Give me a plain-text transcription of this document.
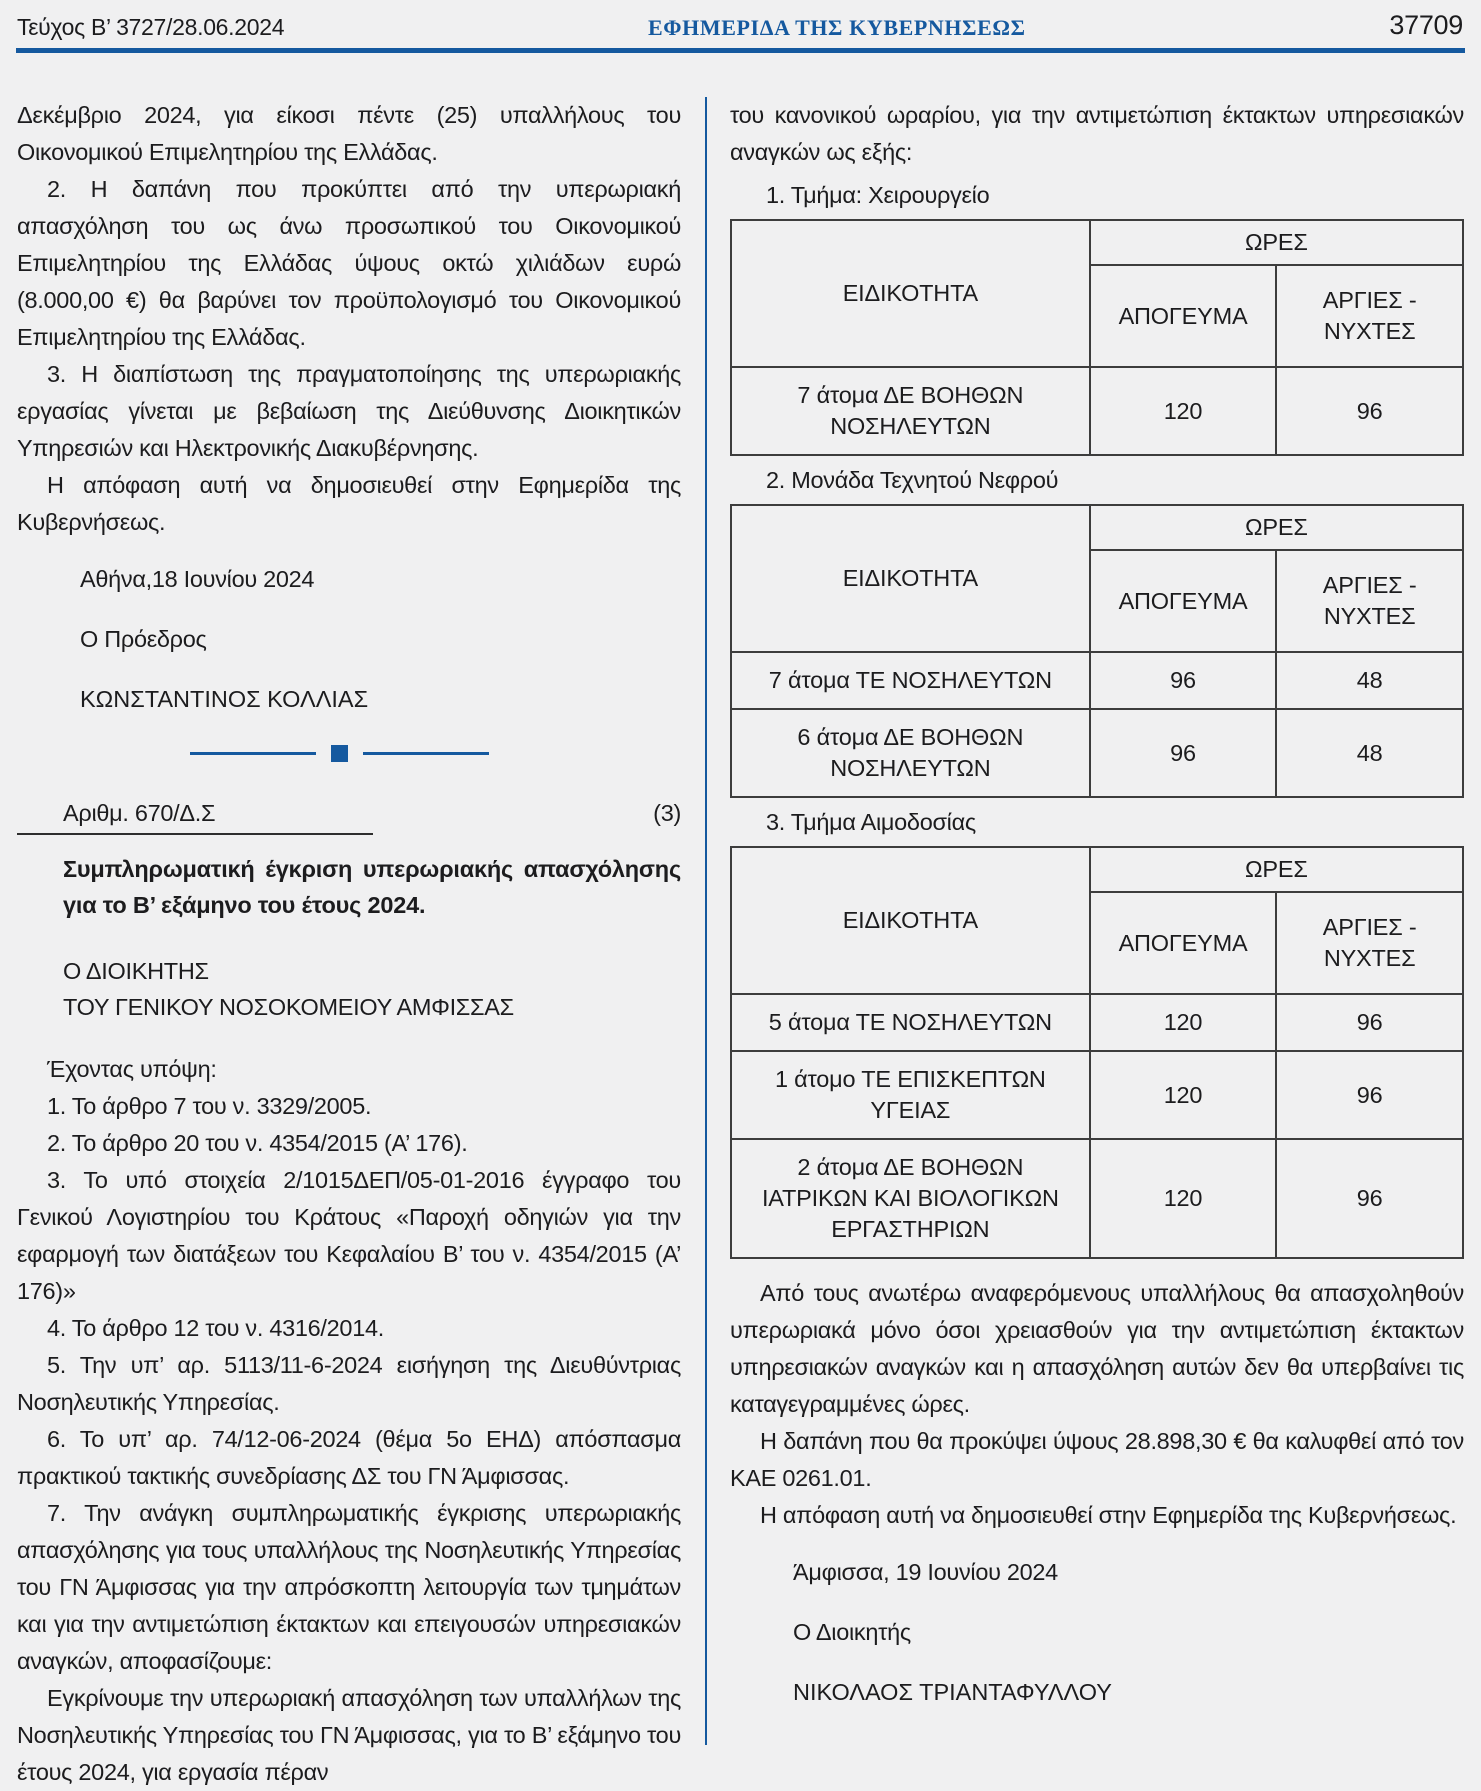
Τεύχος Β’ 3727/28.06.2024	ΕΦΗΜΕΡΙΔΑ ΤΗΣ ΚΥΒΕΡΝΗΣΕΩΣ	37709

Δεκέμβριο 2024, για είκοσι πέντε (25) υπαλλήλους του Οικονομικού Επιμελητηρίου της Ελλάδας.

2. Η δαπάνη που προκύπτει από την υπερωριακή απασχόληση του ως άνω προσωπικού του Οικονομικού Επιμελητηρίου της Ελλάδας ύψους οκτώ χιλιάδων ευρώ (8.000,00 €) θα βαρύνει τον προϋπολογισμό του Οικονομικού Επιμελητηρίου της Ελλάδας.

3. Η διαπίστωση της πραγματοποίησης της υπερωριακής εργασίας γίνεται με βεβαίωση της Διεύθυνσης Διοικητικών Υπηρεσιών και Ηλεκτρονικής Διακυβέρνησης.

Η απόφαση αυτή να δημοσιευθεί στην Εφημερίδα της Κυβερνήσεως.

Αθήνα,18 Ιουνίου 2024
Ο Πρόεδρος
ΚΩΝΣΤΑΝΤΙΝΟΣ ΚΟΛΛΙΑΣ
Αριθμ. 670/Δ.Σ	(3)
Συμπληρωματική έγκριση υπερωριακής απασχόλησης για το Β’ εξάμηνο του έτους 2024.
Ο ΔΙΟΙΚΗΤΗΣ
ΤΟΥ ΓΕΝΙΚΟΥ ΝΟΣΟΚΟΜΕΙΟΥ ΑΜΦΙΣΣΑΣ

Έχοντας υπόψη:

1. Το άρθρο 7 του ν. 3329/2005.

2. Το άρθρο 20 του ν. 4354/2015 (Α’ 176).

3. Το υπό στοιχεία 2/1015ΔΕΠ/05-01-2016 έγγραφο του Γενικού Λογιστηρίου του Κράτους «Παροχή οδηγιών για την εφαρμογή των διατάξεων του Κεφαλαίου Β’ του ν. 4354/2015 (Α’ 176)»

4. Το άρθρο 12 του ν. 4316/2014.

5. Την υπ’ αρ. 5113/11-6-2024 εισήγηση της Διευθύντριας Νοσηλευτικής Υπηρεσίας.

6. Το υπ’ αρ. 74/12-06-2024 (θέμα 5ο ΕΗΔ) απόσπασμα πρακτικού τακτικής συνεδρίασης ΔΣ του ΓΝ Άμφισσας.

7. Την ανάγκη συμπληρωματικής έγκρισης υπερωριακής απασχόλησης για τους υπαλλήλους της Νοσηλευτικής Υπηρεσίας του ΓΝ Άμφισσας για την απρόσκοπτη λειτουργία των τμημάτων και για την αντιμετώπιση έκτακτων και επειγουσών υπηρεσιακών αναγκών, αποφασίζουμε:

Εγκρίνουμε την υπερωριακή απασχόληση των υπαλλήλων της Νοσηλευτικής Υπηρεσίας του ΓΝ Άμφισσας, για το Β’ εξάμηνο του έτους 2024, για εργασία πέραν

του κανονικού ωραρίου, για την αντιμετώπιση έκτακτων υπηρεσιακών αναγκών ως εξής:

1. Τμήμα: Χειρουργείο
ΕΙΔΙΚΟΤΗΤΑ	ΩΡΕΣ	
	ΑΠΟΓΕΥΜΑ	ΑΡΓΙΕΣ - ΝΥΧΤΕΣ
7 άτομα ΔΕ ΒΟΗΘΩΝ ΝΟΣΗΛΕΥΤΩΝ	120	96
2. Μονάδα Τεχνητού Νεφρού
ΕΙΔΙΚΟΤΗΤΑ	ΩΡΕΣ	
	ΑΠΟΓΕΥΜΑ	ΑΡΓΙΕΣ - ΝΥΧΤΕΣ
7 άτομα ΤΕ ΝΟΣΗΛΕΥΤΩΝ	96	48
6 άτομα ΔΕ ΒΟΗΘΩΝ ΝΟΣΗΛΕΥΤΩΝ	96	48
3. Τμήμα Αιμοδοσίας
ΕΙΔΙΚΟΤΗΤΑ	ΩΡΕΣ	
	ΑΠΟΓΕΥΜΑ	ΑΡΓΙΕΣ - ΝΥΧΤΕΣ
5 άτομα ΤΕ ΝΟΣΗΛΕΥΤΩΝ	120	96
1 άτομο ΤΕ ΕΠΙΣΚΕΠΤΩΝ ΥΓΕΙΑΣ	120	96
2 άτομα ΔΕ ΒΟΗΘΩΝ ΙΑΤΡΙΚΩΝ ΚΑΙ ΒΙΟΛΟΓΙΚΩΝ ΕΡΓΑΣΤΗΡΙΩΝ	120	96

Από τους ανωτέρω αναφερόμενους υπαλλήλους θα απασχοληθούν υπερωριακά μόνο όσοι χρειασθούν για την αντιμετώπιση έκτακτων υπηρεσιακών αναγκών και η απασχόληση αυτών δεν θα υπερβαίνει τις καταγεγραμμένες ώρες.

Η δαπάνη που θα προκύψει ύψους 28.898,30 € θα καλυφθεί από τον ΚΑΕ 0261.01.

Η απόφαση αυτή να δημοσιευθεί στην Εφημερίδα της Κυβερνήσεως.

Άμφισσα, 19 Ιουνίου 2024
Ο Διοικητής
ΝΙΚΟΛΑΟΣ ΤΡΙΑΝΤΑΦΥΛΛΟΥ
